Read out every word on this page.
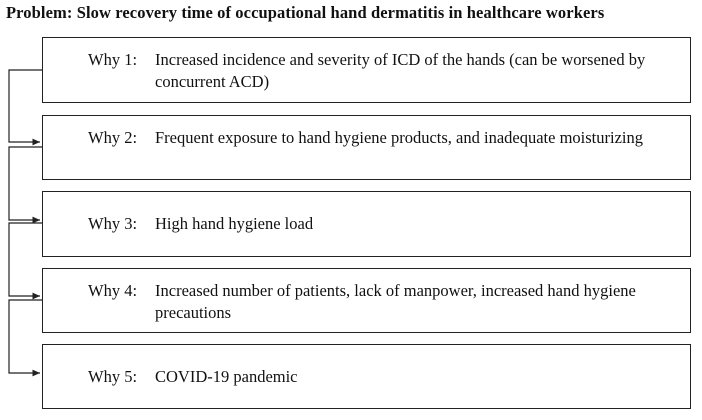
Problem: Slow recovery time of occupational hand dermatitis in healthcare workers
Why 1:	Increased incidence and severity of ICD of the hands (can be worsened by concurrent ACD)
Why 2:	Frequent exposure to hand hygiene products, and inadequate moisturizing
Why 3:	High hand hygiene load
Why 4:	Increased number of patients, lack of manpower, increased hand hygiene precautions
Why 5:	COVID-19 pandemic
